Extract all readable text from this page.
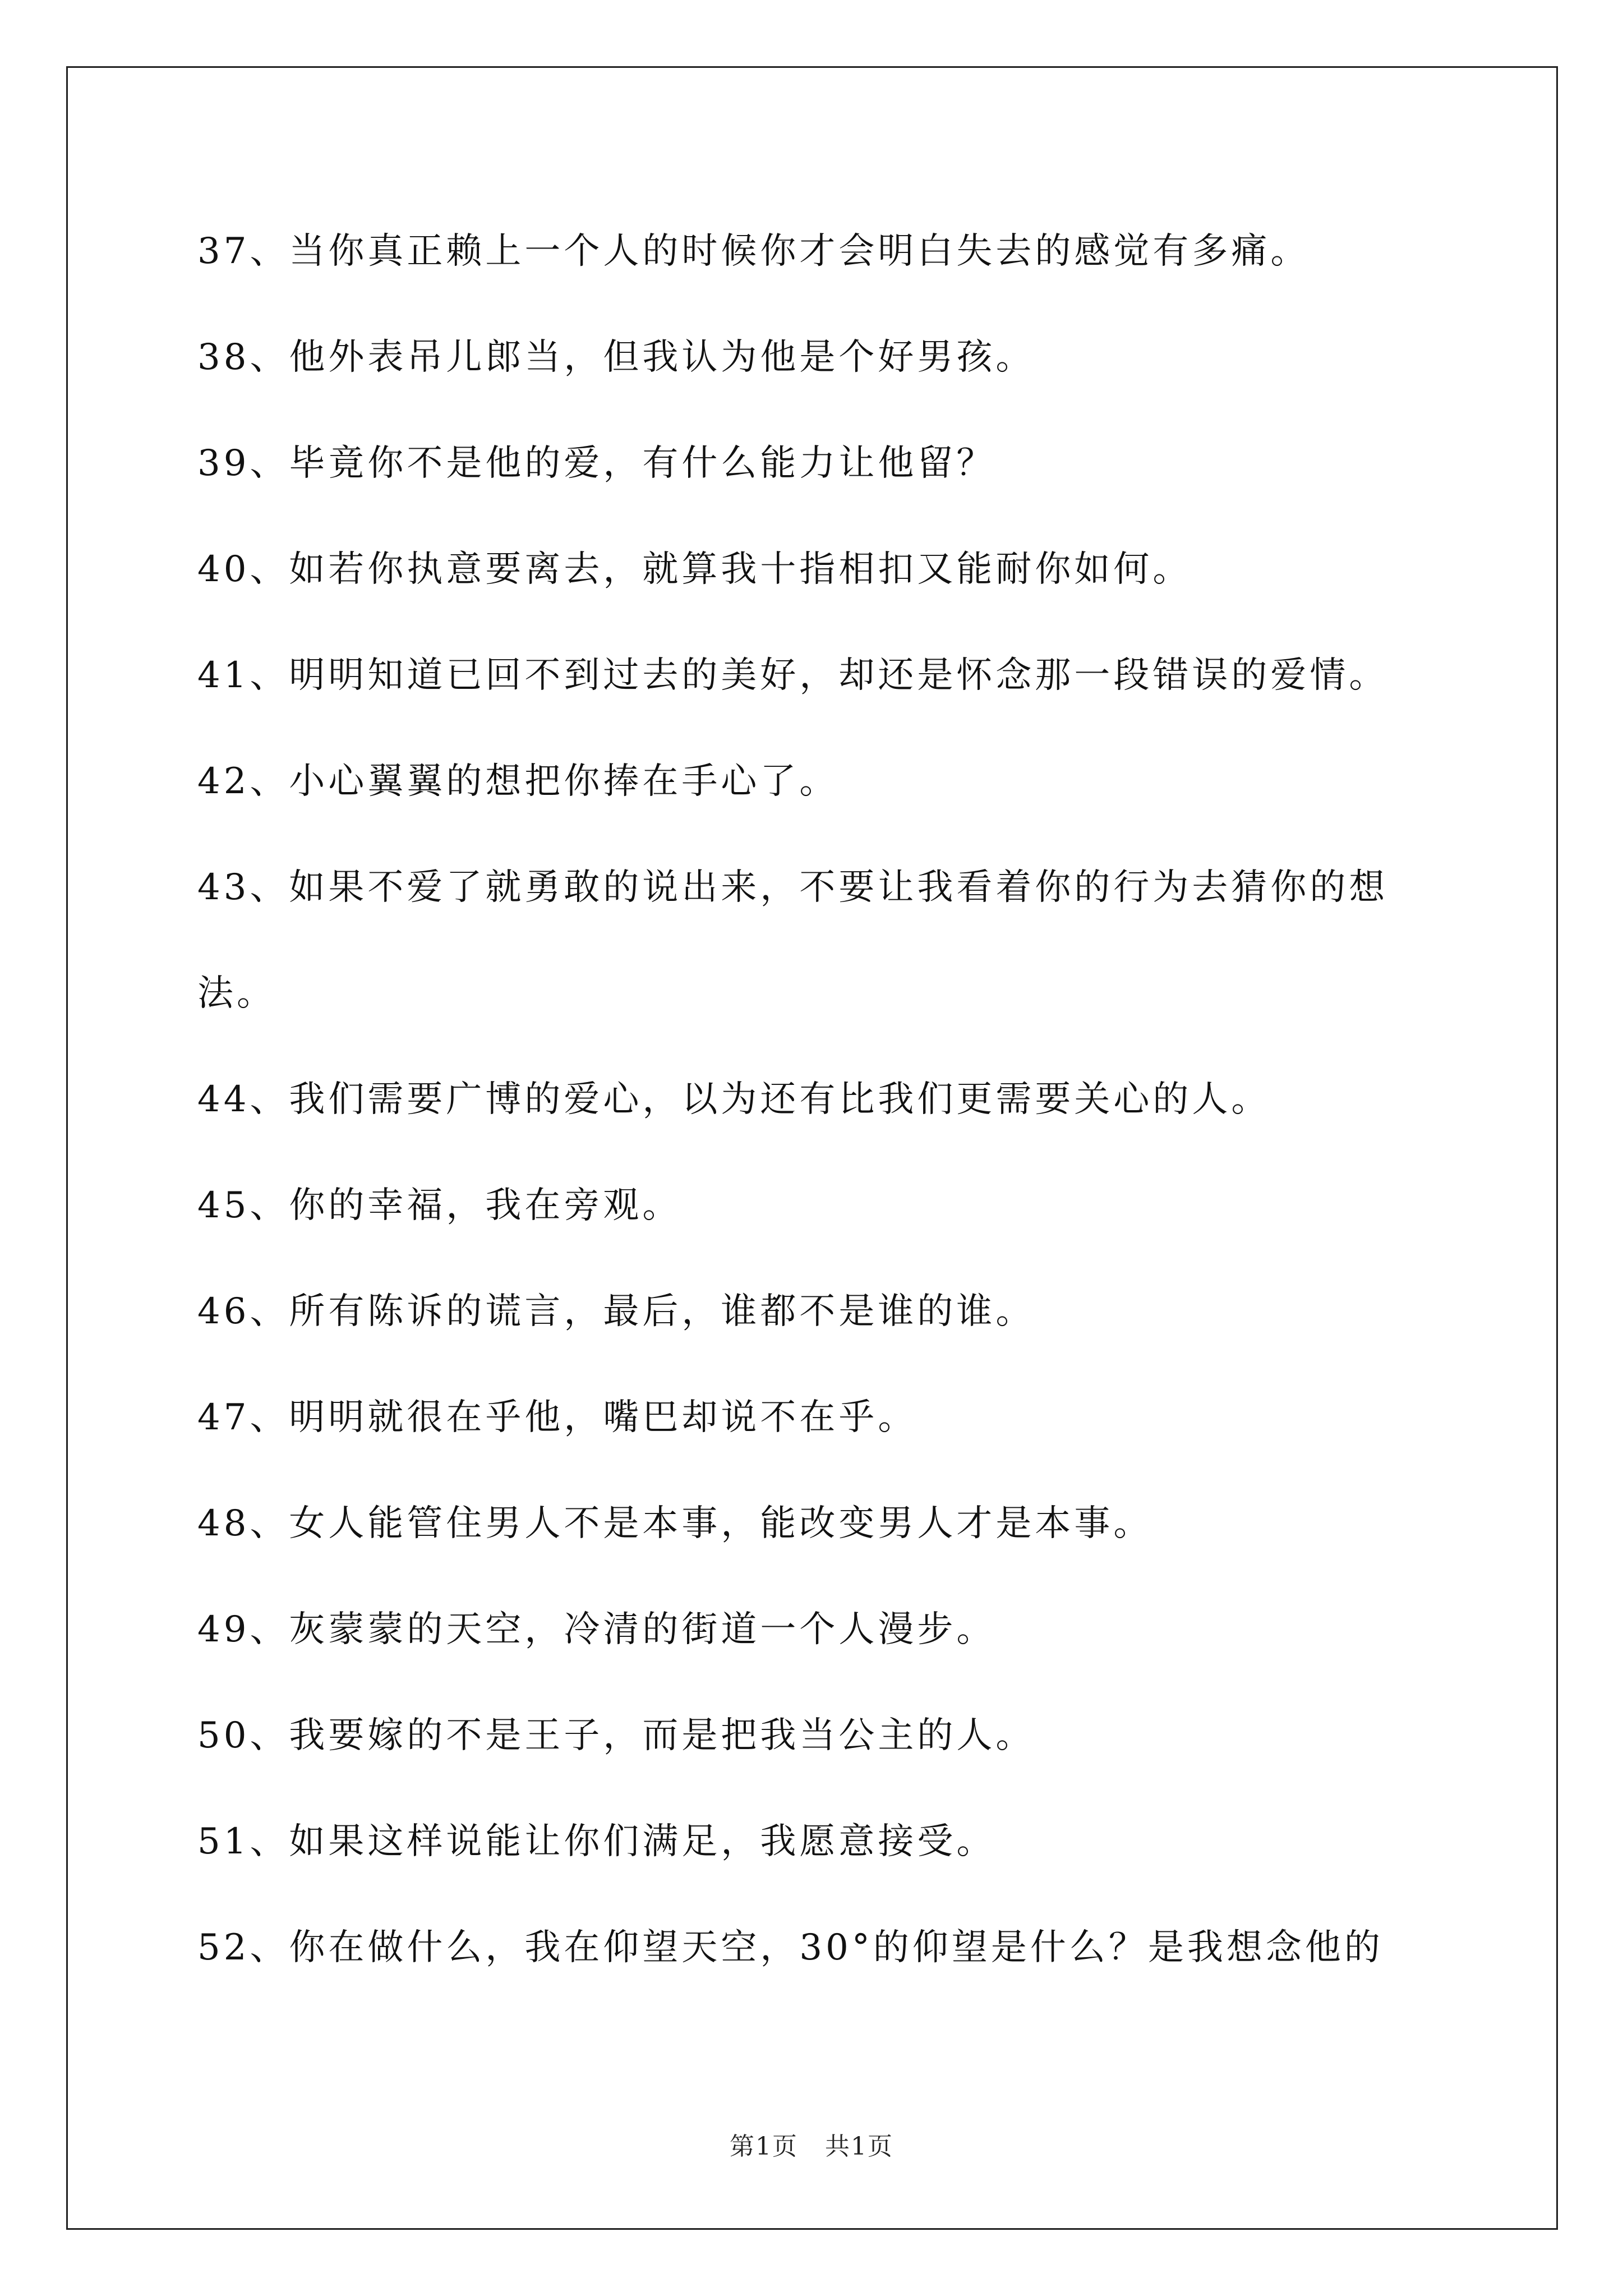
37、当你真正赖上一个人的时候你才会明白失去的感觉有多痛。
38、他外表吊儿郎当，但我认为他是个好男孩。
39、毕竟你不是他的爱，有什么能力让他留？
40、如若你执意要离去，就算我十指相扣又能耐你如何。
41、明明知道已回不到过去的美好，却还是怀念那一段错误的爱情。
42、小心翼翼的想把你捧在手心了。
43、如果不爱了就勇敢的说出来，不要让我看着你的行为去猜你的想
法。
44、我们需要广博的爱心，以为还有比我们更需要关心的人。
45、你的幸福，我在旁观。
46、所有陈诉的谎言，最后，谁都不是谁的谁。
47、明明就很在乎他，嘴巴却说不在乎。
48、女人能管住男人不是本事，能改变男人才是本事。
49、灰蒙蒙的天空，冷清的街道一个人漫步。
50、我要嫁的不是王子，而是把我当公主的人。
51、如果这样说能让你们满足，我愿意接受。
52、你在做什么，我在仰望天空，30°的仰望是什么？是我想念他的
第1页   共1页
